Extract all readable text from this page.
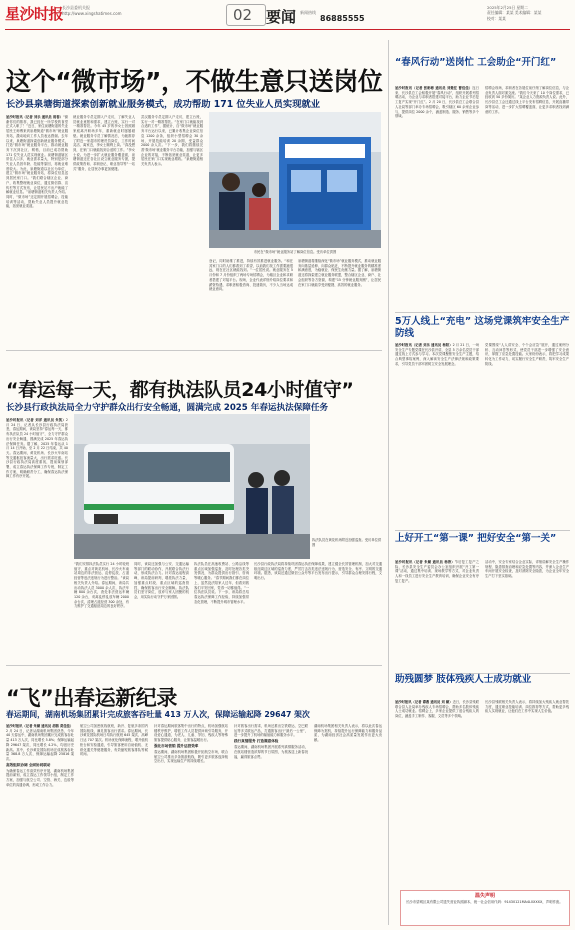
星沙时报
长沙县委机关报
http://www.xingshatimes.com	02 要闻 新闻热线
86885555
2025年2月25日 星期二
责任编辑：某某 美术编辑：某某
校对：某某
这个“微市场”，不做生意只送岗位
长沙县泉塘街道探索创新就业服务模式，成功帮助 171 位失业人员实现就业
星沙时报讯（记者 刘乐 通讯员 周春）“谢谢你们的推荐，我已经在一所学校的食堂正式入职了！”近日，家住泉塘街道的失业居民王师傅来到泉塘街道“微市场”就业服务站，激动地向工作人员表达感谢。去年以来，泉塘街道探索创新就业服务模式，打造“微市场”就业服务平台，推动就业服务下沉到社区、网格，目前已成功帮助 171 位失业人员实现就业。泉塘街道辖区常住人口多，就业需求量大，特别是部分失业人员因年龄、技能等原因，再就业难度较大。为此，泉塘街道以社区为单位，建立“微市场”就业服务站，将岗位信息送到居民家门口。“我们联合辖区企业、商户，收集整理就业岗位，通过微信群、宣传栏等方式发布，让居民足不出户就能了解就业信息。”泉塘街道相关负责人介绍。同时，“微市场”还定期开展招聘会、技能培训等活动，帮助失业人员提升就业技能，拓宽就业渠道。
就业服务专员定期入户走访，了解失业人员就业意愿和需求，建立台账，实行一对一精准帮扶。今年 45 岁的李女士因照顾家庭离开职场多年，重新就业时屡屡碰壁。就业服务专员了解情况后，为她推荐了附近一家超市的理货员岗位，工作时间灵活、离家近，李女士顺利上岗。“真没想到，在家门口就能找到合适的工作。”李女士说。为进一步扩大就业服务覆盖面，泉塘街道还在各社区设立就业服务专窗，提供政策咨询、求职登记、职业指导等“一站式”服务，让居民办事更加便捷。
武汉服务专员定期入户走访，建立台账，实行一对一精准帮扶。“在家门口就能找到合适的工作”，据统计，自“微市场”就业服务平台运行以来，已累计收集企业岗位信息 1200 余条，组织小型招聘会 30 余场，开展技能培训 20 余期，受益群众 2000 余人次。“下一步，我们将继续完善‘微市场’就业服务平台功能，加强与辖区企业的对接，不断拓宽就业渠道，让更多居民在家门口实现就业增收。”泉塘街道相关负责人表示。
市民在“微市场”就业服务站了解岗位信息。受访单位供图
登记，同时助推了推进，持续有效推进就业服务。“和在其家门口的人们都看到了希望，以前我们找工作需要跑很远，现在在社区就能找到。”一位居民说。就业服务在 5 月份和 7 月份组织了两场专场招聘会，为辖区企业和求职者搭建了对接平台。现场，企业代表详细介绍岗位要求和薪资待遇，求职者积极咨询、投递简历，不少人当场达成就业意向。
泉塘街道将继续深化“微市场”就业服务模式，推动就业服务向基层延伸、向群众贴近，不断提升就业服务的精准度和满意度，为稳就业、保民生贡献力量。据了解，泉塘街道还将探索建立就业服务联盟，整合辖区企业、商户、社会组织等各方资源，构建“15 分钟就业服务圈”，让居民在家门口就能享受到便捷、高效的就业服务。
“春运每一天，都有执法队员24小时值守”
长沙县行政执法局全力守护群众出行安全畅通，圆满完成 2025 年春运执法保障任务
星沙时报讯（记者 刘洋 通讯员 朱凯）2 月 24 日，记者从长沙县行政执法局获悉，春运期间，该局坚持“春运每一天，都有执法队员 24 小时值守”，全力守护群众出行安全畅通，圆满完成 2025 年春运执法保障任务。据了解，2025 年春运从 1 月 14 日开始，至 2 月 22 日结束，共 40 天。春运期间，黄花机场、长沙火车南站等交通枢纽客流量大，出行需求旺盛。长沙县行政执法局高度重视，提前谋划部署，成立春运执法保障工作专班，制定工作方案，明确职责分工，确保春运执法保障工作有序开展。
执法队员在黄花机场附近加强巡查。受访单位供图
“我们安排执法队员实行 24 小时轮班值守，重点对黄花机场、长沙火车南站周边的非法营运、乱停乱放、占道经营等违法违规行为进行整治。”该局相关负责人介绍。春运期间，该局共出动执法人员 3000 余人次，执法车辆 800 余台次，查处非法营运车辆 120 余台，劝离乱停乱放车辆 2000 余台次，清理占道经营 300 余处，有力维护了交通枢纽周边的良好秩序。
同时，该局还加强与公安、交通运输等部门的联动协作，开展联合执法行动，形成执法合力。针对春运返程高峰，该局提前研判，增派执法力量，加强重点时段、重点区域的巡查管控，确保旅客出行安全顺畅。执法队员们坚守岗位，放弃与家人团聚的机会，用实际行动守护万家团圆。
执法队员在高速收费站、公路沿线等重点区域加强巡查，及时处理各类突发情况，为群众提供出行指引、咨询等暖心服务。“春节期间我们都在岗位上，虽然没法陪家人过年，但看到旅客们平安回家，觉得一切都值得。”一位执法队员说。下一步，该局将总结春运执法保障工作经验，持续加强常态化管理，不断提升城市管理水平。
长沙县行政执法局将持续巩固春运执法保障成果，建立健全长效管理机制，加大对交通枢纽周边区域的巡查力度，严厉打击各类违法违规行为，营造安全、有序、文明的交通环境。据悉，该局还通过微信公众号等平台发布出行提示，引导群众合理安排行程，文明出行。
“飞”出春运新纪录
春运期间，湖南机场集团累计完成旅客吞吐量 413 万人次，保障运输起降 29647 架次
星沙时报讯（记者 朱颖 通讯员 胡骆 莫佳佳）
2 月 24 日，记者从湖南机场集团获悉，今年 40 天春运中，湖南机场集团累计完成旅客吞吐量 413 万人次，同比增长 5.8%；保障运输起降 29647 架次，同比增长 4.2%，均创历史新高。其中，长沙黄花国际机场完成旅客吞吐量 368.8 万人次，保障运输起降 25816 架次。
高效组织协调 全面协同联动
为确保春运工作高效有序开展，湖南机场集团提前谋划，成立春运工作领导小组，制定工作方案，加强与航空公司、空管、海关、边检等单位的沟通协调，形成工作合力。
航空公司加密航线航班，新开、复航多条国内国际航线，满足旅客出行需求。春运期间，长沙黄花国际机场日均执行航班 645 架次，高峰日达 707 架次。机场优化保障流程，增开值机柜台和安检通道，引导旅客使用自助值机、无纸化通关等便捷服务，有效缩短旅客排队等候时间。
针对春运期间旅客集中出行的特点，机场加强航站楼秩序维护，增派工作人员提供问询引导服务，开设爱心通道，为老人、儿童、孕妇、残疾人等特殊旅客提供贴心服务，让旅客温暖出行。
强化市场营销 提升运营效率
春运期间，湖南机场集团积极开拓航空市场，联合航空公司推出多条旅游航线，吸引更多旅客选择航空出行，实现运输生产的持续增长。
针对旅客出行需求，机场还推出空铁联运、空巴联运等多式联运产品，打通旅客出行“最后一公里”，进一步提升了机场的辐射能力和服务水平。
践行真情服务 打造满意体验
春运期间，湖南机场集团开展系列真情服务活动，在航站楼营造浓厚的节日氛围，为旅客送上新春祝福，赢得旅客点赞。
湖南机场集团相关负责人表示，将以此次春运保障为契机，持续提升运行保障能力和服务品质，为湖南经济社会高质量发展作出更大贡献。
“春风行动”送岗忙 工会助企“开门红”
星沙时报讯（记者 张彬彬 通讯员 刘楚任 曹佳佳）连日来，长沙县总工会积极开展“春风行动”，组织开展系列招聘活动，为企业与求职者搭建对接平台，助力企业节后复工复产实现“开门红”。2 月 20 日，长沙县总工会联合县人社局等部门举办专场招聘会，吸引辖区 60 余家企业参与，提供岗位 2000 余个，涵盖制造、服务、销售等多个领域。
招聘会现场，求职者在各展位前仔细了解岗位信息，与企业负责人面对面交流。“我们今天来了 10 个岗位需求，已经收到 50 多份简历。”某企业人力资源负责人说。此外，长沙县总工会还通过线上平台发布招聘信息，开展直播带岗等活动，进一步扩大招聘覆盖面，让更多求职者找到满意的工作。
5万人线上“充电” 这场党课筑牢安全生产防线
星沙时报讯（记者 刘乐 通讯员 杨阳）2 月 21 日，一场安全生产专题党课在长沙县开讲，全县 5 万余名党员干部通过线上方式参与学习。本次党课聚焦安全生产主题，结合典型事故案例，深入解读安全生产法律法规和政策要求，引导党员干部牢固树立安全发展理念。
党课围绕“人人讲安全、个个会应急”展开，通过案例分析、互动问答等形式，使党员干部进一步增强了安全意识，掌握了应急处置技能。大家纷纷表示，将把学习成果转化为工作动力，切实履行安全生产职责，筑牢安全生产防线。
上好开工“第一课” 把好安全“第一关”
星沙时报讯（记者 朱颖 通讯员 杨涛）节后复工复产之际，长沙县安全生产委员会办公室组织开展“开工第一课”活动，通过集中培训、现场教学等方式，对企业负责人和一线员工进行安全生产教育培训，确保企业安全有序复工复产。
活动中，安全专家结合企业实际，详细讲解安全生产操作规程、隐患排查治理和应急处置等内容，并深入企业生产车间开展安全检查，及时消除安全隐患，为企业全年安全生产打下坚实基础。
助残圆梦 肢体残疾人士成功就业
星沙时报讯（记者 谭燕 通讯员 刘 颖）近日，长沙县残联联合县人社局举办残疾人专场招聘会，帮助多名肢体残疾人士成功就业。招聘会上，多家企业提供了适合残疾人的岗位，涵盖手工制作、客服、文员等多个领域。
长沙县残联相关负责人表示，将持续加大残疾人就业帮扶力度，通过职业技能培训、岗位推荐等方式，帮助更多残疾人实现就业，让他们在工作中实现人生价值。
温失声明
长沙市望城区某有限公司遗失营业执照副本，统一社会信用代码：91430121MA4L0XXXX，声明作废。
